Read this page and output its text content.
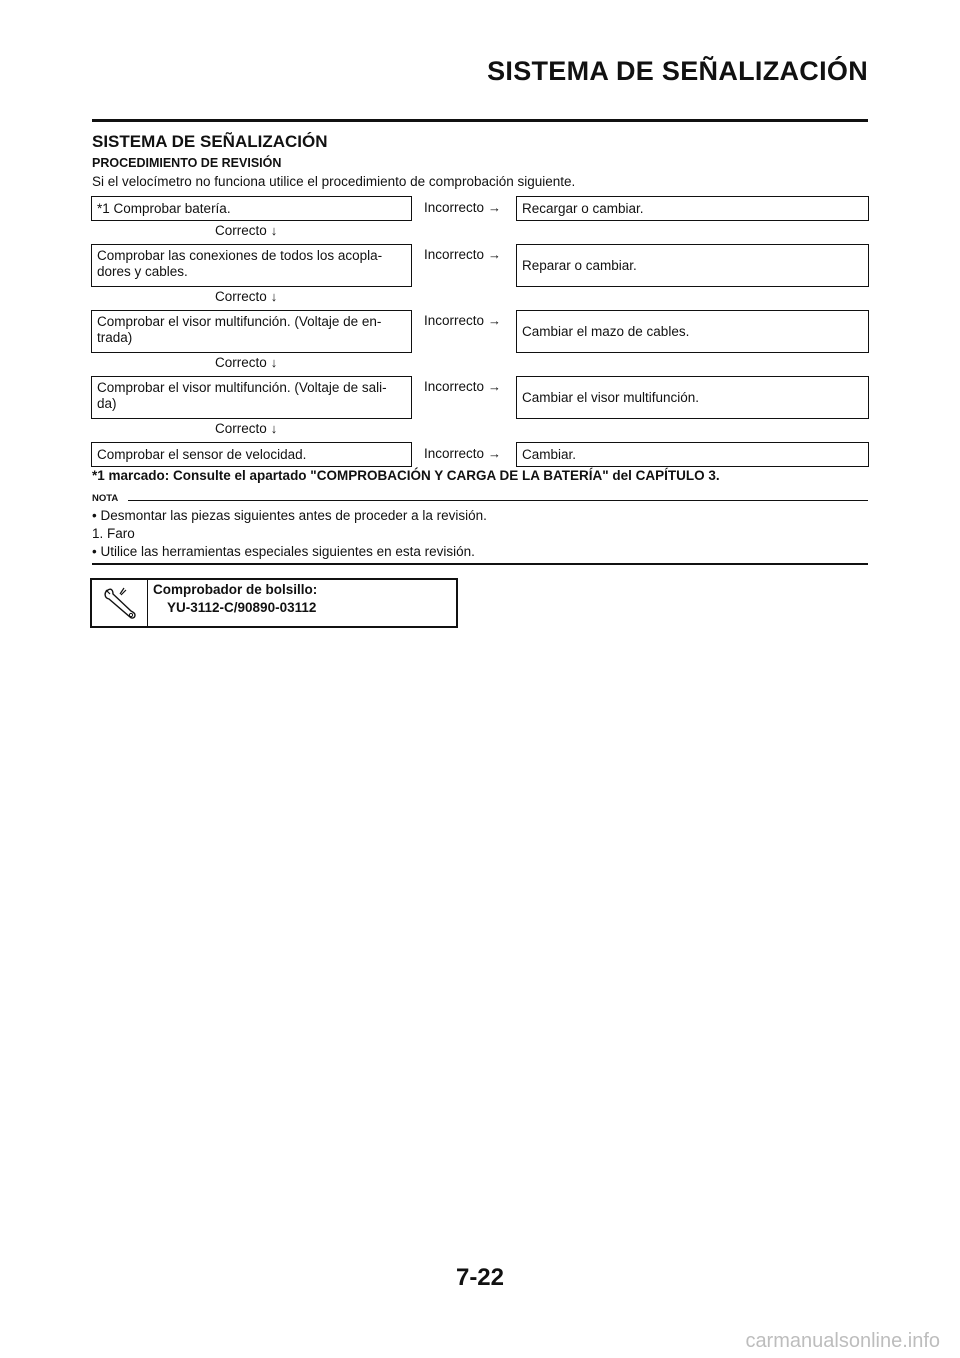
SISTEMA DE SEÑALIZACIÓN
SISTEMA DE SEÑALIZACIÓN
PROCEDIMIENTO DE REVISIÓN
Si el velocímetro no funciona utilice el procedimiento de comprobación siguiente.
*1 Comprobar batería.	Incorrecto → Recargar o cambiar.
Correcto ↓
Comprobar las conexiones de todos los acopla-
dores y cables.
Incorrecto →
Reparar o cambiar.
Correcto ↓
Comprobar el visor multifunción. (Voltaje de en-
trada)
Incorrecto →
Cambiar el mazo de cables.
Correcto ↓
Comprobar el visor multifunción. (Voltaje de sali-
da)
Incorrecto →
Cambiar el visor multifunción.
Correcto ↓
Comprobar el sensor de velocidad.	Incorrecto → Cambiar.
*1 marcado: Consulte el apartado "COMPROBACIÓN Y CARGA DE LA BATERÍA" del CAPÍTULO 3.
NOTA
• Desmontar las piezas siguientes antes de proceder a la revisión.
1. Faro
• Utilice las herramientas especiales siguientes en esta revisión.
Comprobador de bolsillo:
YU-3112-C/90890-03112
7-22
carmanualsonline.info
